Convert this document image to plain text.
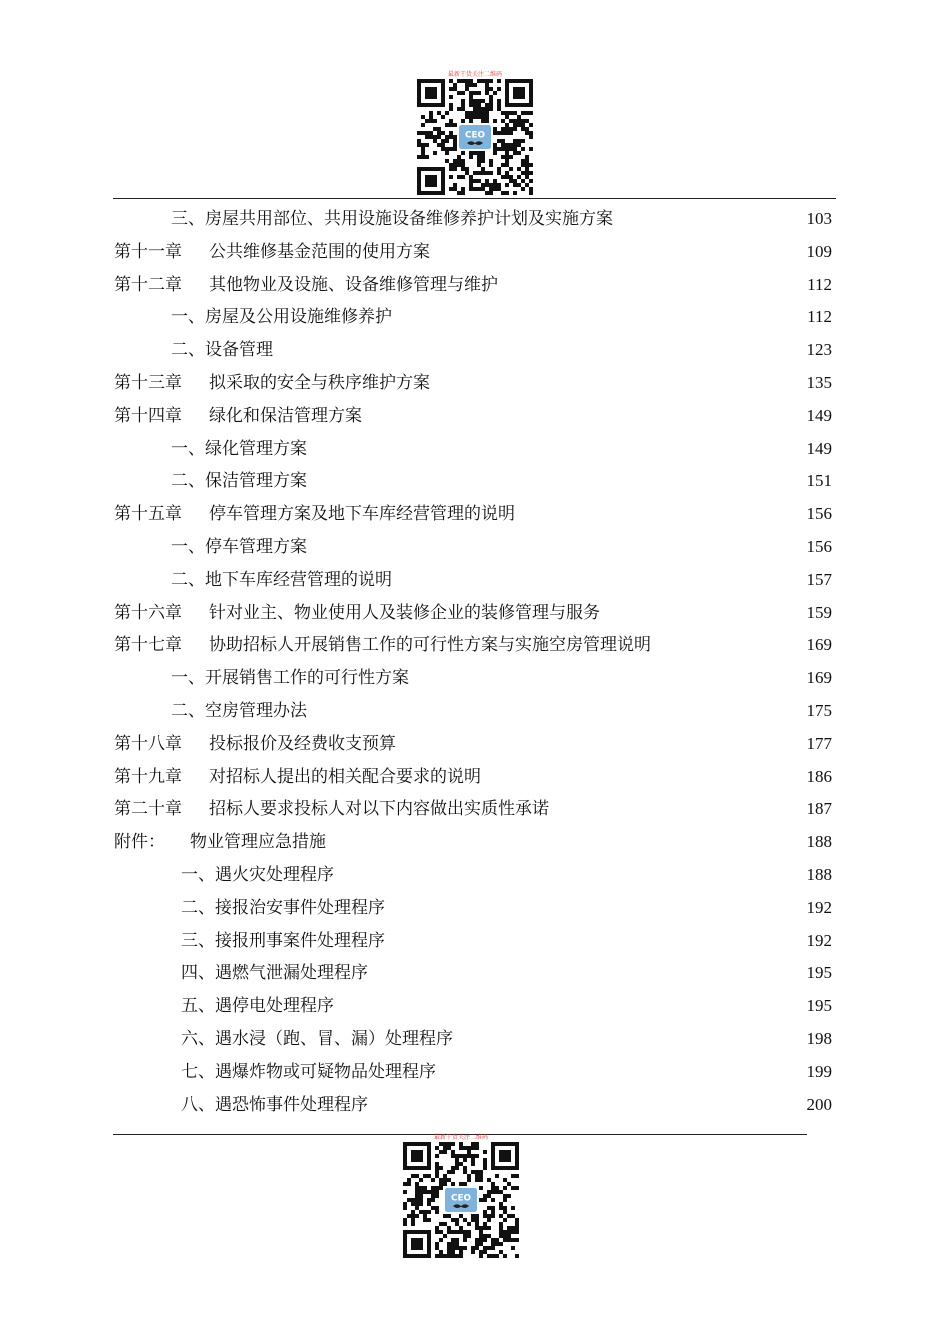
最新干货关注二维码
CEO
三、房屋共用部位、共用设施设备维修养护计划及实施方案	103
第十一章 公共维修基金范围的使用方案	109
第十二章 其他物业及设施、设备维修管理与维护	112
一、房屋及公用设施维修养护	112
二、设备管理	123
第十三章 拟采取的安全与秩序维护方案	135
第十四章 绿化和保洁管理方案	149
一、绿化管理方案	149
二、保洁管理方案	151
第十五章 停车管理方案及地下车库经营管理的说明	156
一、停车管理方案	156
二、地下车库经营管理的说明	157
第十六章 针对业主、物业使用人及装修企业的装修管理与服务	159
第十七章 协助招标人开展销售工作的可行性方案与实施空房管理说明	169
一、开展销售工作的可行性方案	169
二、空房管理办法	175
第十八章 投标报价及经费收支预算	177
第十九章 对招标人提出的相关配合要求的说明	186
第二十章 招标人要求投标人对以下内容做出实质性承诺	187
附件： 物业管理应急措施	188
一、遇火灾处理程序	188
二、接报治安事件处理程序	192
三、接报刑事案件处理程序	192
四、遇燃气泄漏处理程序	195
五、遇停电处理程序	195
六、遇水浸（跑、冒、漏）处理程序	198
七、遇爆炸物或可疑物品处理程序	199
八、遇恐怖事件处理程序	200
最新干货关注二维码
CEO
